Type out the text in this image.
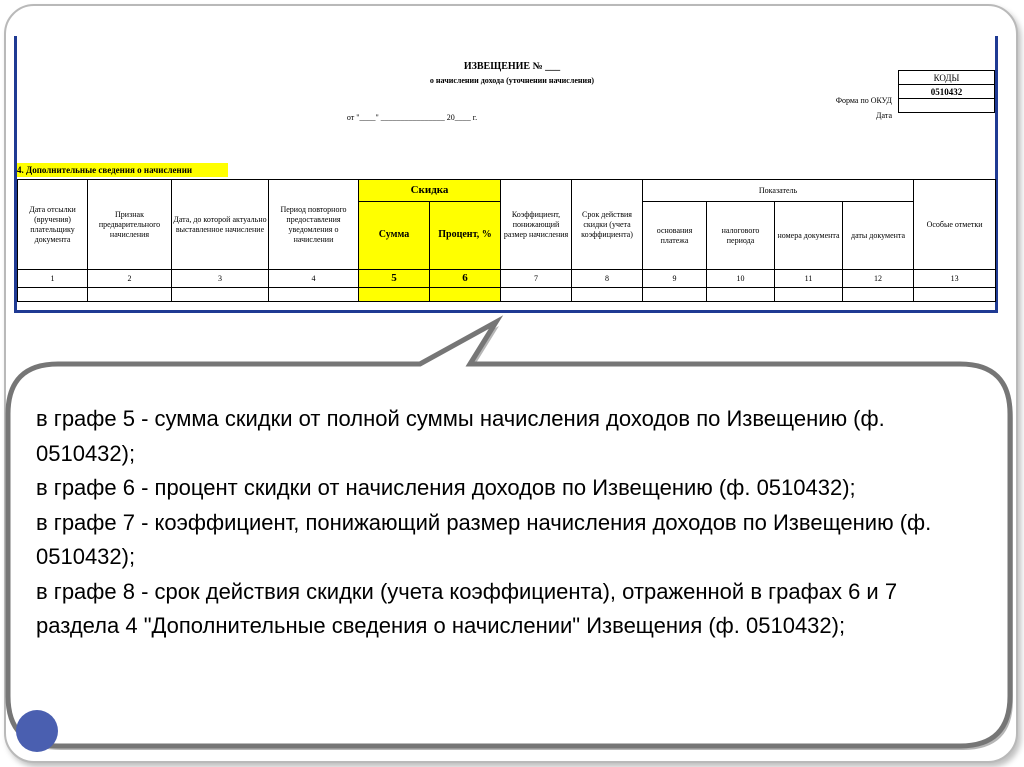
ИЗВЕЩЕНИЕ № ___
о начислении дохода (уточнении начисления)
от "____" ________________ 20____ г.
КОДЫ
0510432

Форма по ОКУД
Дата
4. Дополнительные сведения о начислении
Дата отсылки (вручения) плательщику документа	Признак предварительного начисления	Дата, до которой актуально выставленное начисление	Период повторного предоставления уведомления о начислении	Скидка		Коэффициент, понижающий размер начисления	Срок действия скидки (учета коэффициента)	Показатель				Особые отметки
				Сумма	Процент, %			основания платежа	налогового периода	номера документа	даты документа	
1	2	3	4	5	6	7	8	9	10	11	12	13

в графе 5 - сумма скидки от полной суммы начисления доходов по Извещению (ф. 0510432);

в графе 6 - процент скидки от начисления доходов по Извещению (ф. 0510432);

в графе 7 - коэффициент, понижающий размер начисления доходов по Извещению (ф. 0510432);

в графе 8 - срок действия скидки (учета коэффициента), отраженной в графах 6 и 7 раздела 4 "Дополнительные сведения о начислении" Извещения (ф. 0510432);
